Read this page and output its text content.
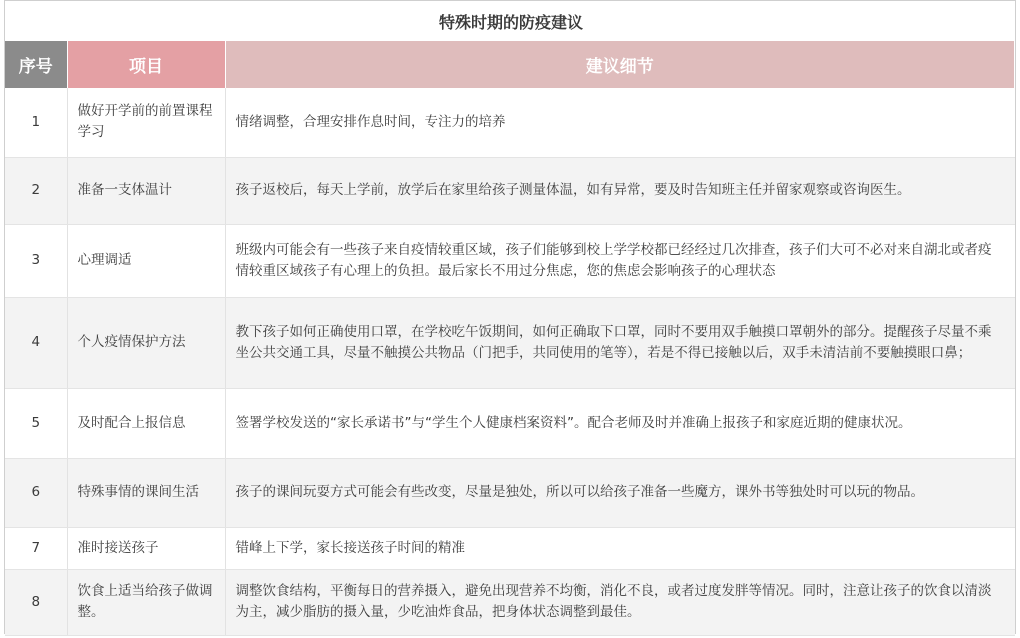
特殊时期的防疫建议
序号	项目	建议细节
1	做好开学前的前置课程学习	情绪调整，合理安排作息时间，专注力的培养
2	准备一支体温计	孩子返校后，每天上学前，放学后在家里给孩子测量体温，如有异常，要及时告知班主任并留家观察或咨询医生。
3	心理调适	班级内可能会有一些孩子来自疫情较重区域，孩子们能够到校上学学校都已经经过几次排查，孩子们大可不必对来自湖北或者疫情较重区域孩子有心理上的负担。最后家长不用过分焦虑，您的焦虑会影响孩子的心理状态
4	个人疫情保护方法	教下孩子如何正确使用口罩，在学校吃午饭期间，如何正确取下口罩，同时不要用双手触摸口罩朝外的部分。提醒孩子尽量不乘坐公共交通工具，尽量不触摸公共物品（门把手，共同使用的笔等），若是不得已接触以后，双手未清洁前不要触摸眼口鼻；
5	及时配合上报信息	签署学校发送的“家长承诺书”与“学生个人健康档案资料”。配合老师及时并准确上报孩子和家庭近期的健康状况。
6	特殊事情的课间生活	孩子的课间玩耍方式可能会有些改变，尽量是独处，所以可以给孩子准备一些魔方，课外书等独处时可以玩的物品。
7	准时接送孩子	错峰上下学，家长接送孩子时间的精准
8	饮食上适当给孩子做调整。	调整饮食结构，平衡每日的营养摄入，避免出现营养不均衡，消化不良，或者过度发胖等情况。同时，注意让孩子的饮食以清淡为主，减少脂肪的摄入量，少吃油炸食品，把身体状态调整到最佳。
